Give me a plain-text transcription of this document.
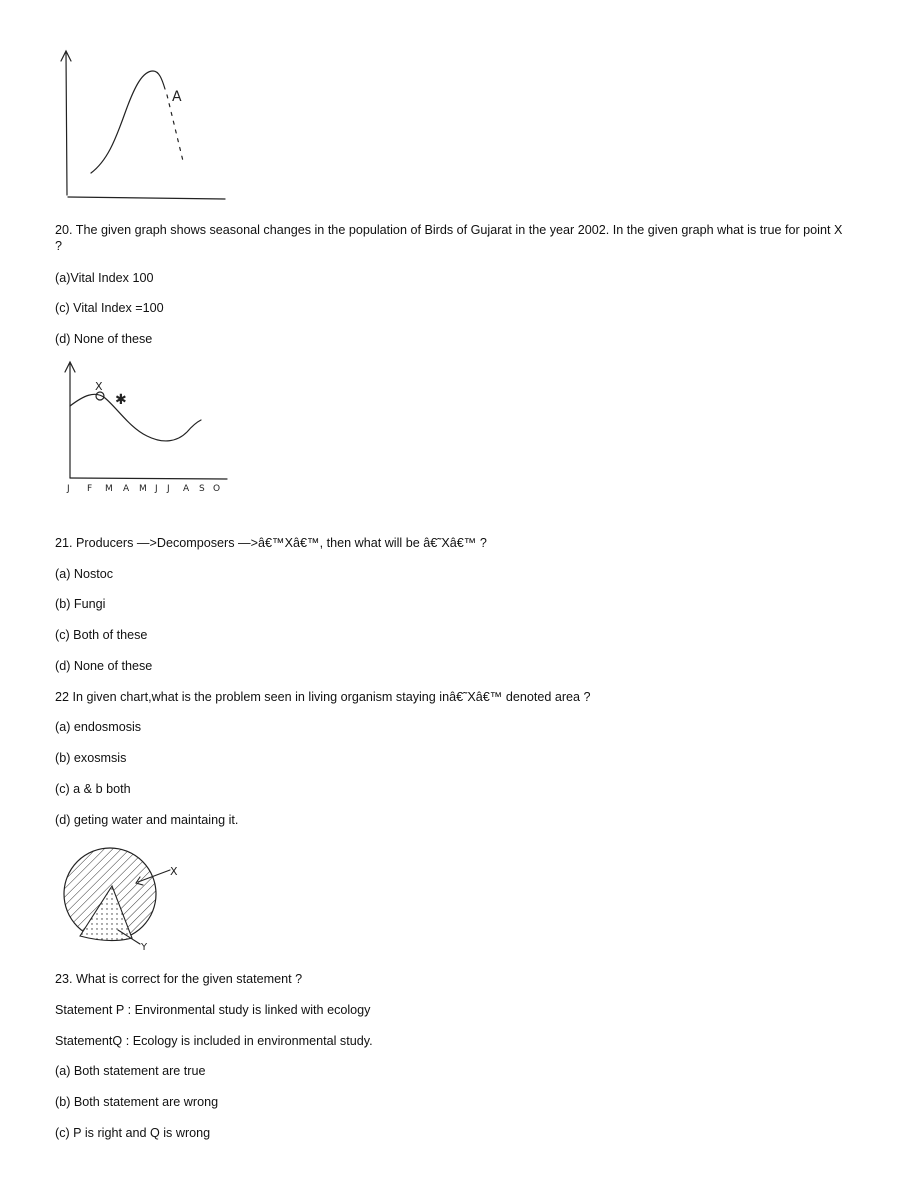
A
20. The given graph shows seasonal changes in the population of Birds of Gujarat in the year 2002. In the given graph what is true for point X ?
(a)Vital Index 100
(c) Vital Index =100
(d) None of these
X
✱
J F M A M J J A S O
21. Producers —>Decomposers —>â€™Xâ€™, then what will be â€˜Xâ€™ ?
(a) Nostoc
(b) Fungi
(c) Both of these
(d) None of these
22 In given chart,what is the problem seen in living organism staying inâ€˜Xâ€™ denoted area ?
(a) endosmosis
(b) exosmsis
(c) a & b both
(d) geting water and maintaing it.
X
Y
23. What is correct for the given statement ?
Statement P : Environmental study is linked with ecology
StatementQ : Ecology is included in environmental study.
(a) Both statement are true
(b) Both statement are wrong
(c) P is right and Q is wrong
